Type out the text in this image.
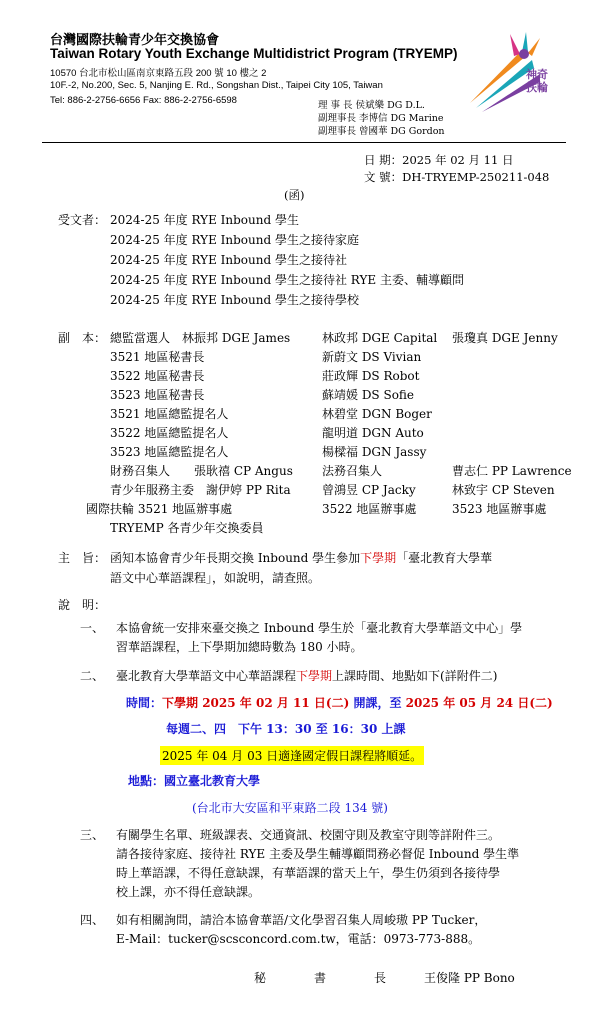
台灣國際扶輪青少年交換協會
Taiwan Rotary Youth Exchange Multidistrict Program (TRYEMP)
10570 台北市松山區南京東路五段 200 號 10 樓之 2
10F.-2, No.200, Sec. 5, Nanjing E. Rd., Songshan Dist., Taipei City 105, Taiwan
Tel: 886-2-2756-6656 Fax: 886-2-2756-6598	理 事 長 侯斌樂 DG D.L.
副理事長 李博信 DG Marine
副理事長 曾國華 DG Gordon
神奇扶輪
日 期：2025 年 02 月 11 日
文 號：DH-TRYEMP-250211-048
(函)
受文者： 2024-25 年度 RYE Inbound 學生
2024-25 年度 RYE Inbound 學生之接待家庭
2024-25 年度 RYE Inbound 學生之接待社
2024-25 年度 RYE Inbound 學生之接待社 RYE 主委、輔導顧問
2024-25 年度 RYE Inbound 學生之接待學校
副　本： 總監當選人　林振邦 DGE James	林政邦 DGE Capital 張瓊真 DGE Jenny
3521 地區秘書長	新蔚文 DS Vivian
3522 地區秘書長	莊政輝 DS Robot
3523 地區秘書長	蘇靖媛 DS Sofie
3521 地區總監提名人	林碧堂 DGN Boger
3522 地區總監提名人	龍明道 DGN Auto
3523 地區總監提名人	楊樑福 DGN Jassy
財務召集人　　張耿禧 CP Angus 法務召集人	曹志仁 PP Lawrence
青少年服務主委　謝伊婷 PP Rita	曾鴻昱 CP Jacky	林致宇 CP Steven
國際扶輪 3521 地區辦事處	3522 地區辦事處	3523 地區辦事處
TRYEMP 各青少年交換委員
主　旨： 函知本協會青少年長期交換 Inbound 學生參加下學期「臺北教育大學華
語文中心華語課程」，如說明，請查照。
說　明：
一、 本協會統一安排來臺交換之 Inbound 學生於「臺北教育大學華語文中心」學
習華語課程，上下學期加總時數為 180 小時。
二、 臺北教育大學華語文中心華語課程下學期上課時間、地點如下(詳附件二)
時間：下學期 2025 年 02 月 11 日(二) 開課，至 2025 年 05 月 24 日(二)
每週二、四　下午 13：30 至 16：30 上課
2025 年 04 月 03 日適逢國定假日課程將順延。
地點：國立臺北教育大學
(台北市大安區和平東路二段 134 號)
三、 有關學生名單、班級課表、交通資訊、校園守則及教室守則等詳附件三。
請各接待家庭、接待社 RYE 主委及學生輔導顧問務必督促 Inbound 學生準
時上華語課，不得任意缺課，有華語課的當天上午，學生仍須到各接待學
校上課，亦不得任意缺課。
四、 如有相關詢問，請洽本協會華語/文化學習召集人周峻璈 PP Tucker，
E-Mail：tucker@scsconcord.com.tw，電話：0973-773-888。
秘	書	長	王俊隆 PP Bono
